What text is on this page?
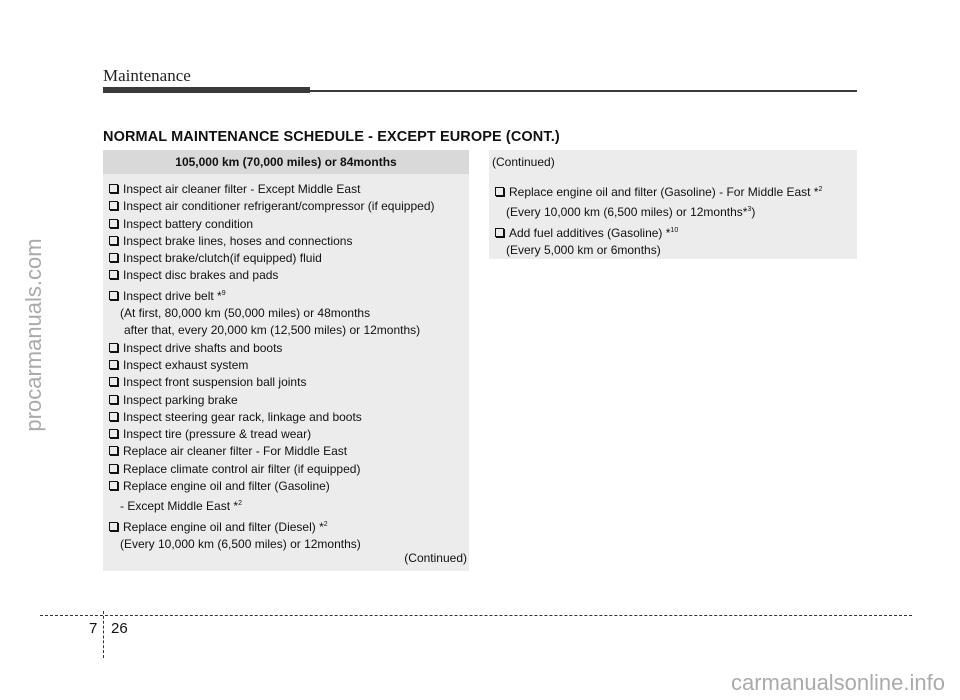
Maintenance
NORMAL MAINTENANCE SCHEDULE - EXCEPT EUROPE (CONT.)
105,000 km (70,000 miles) or 84months
Inspect air cleaner filter - Except Middle East
Inspect air conditioner refrigerant/compressor (if equipped)
Inspect battery condition
Inspect brake lines, hoses and connections
Inspect brake/clutch(if equipped) fluid
Inspect disc brakes and pads
Inspect drive belt *$^9$
(At first, 80,000 km (50,000 miles) or 48months
after that, every 20,000 km (12,500 miles) or 12months)
Inspect drive shafts and boots
Inspect exhaust system
Inspect front suspension ball joints
Inspect parking brake
Inspect steering gear rack, linkage and boots
Inspect tire (pressure & tread wear)
Replace air cleaner filter - For Middle East
Replace climate control air filter (if equipped)
Replace engine oil and filter (Gasoline)
- Except Middle East *$^2$
Replace engine oil and filter (Diesel) *$^2$
(Every 10,000 km (6,500 miles) or 12months)
(Continued)
(Continued)
Replace engine oil and filter (Gasoline) - For Middle East *$^2$
(Every 10,000 km (6,500 miles) or 12months*$^3$)
Add fuel additives (Gasoline) *$^{10}$
(Every 5,000 km or 6months)
7 26
procarmanuals.com
carmanualsonline.info
